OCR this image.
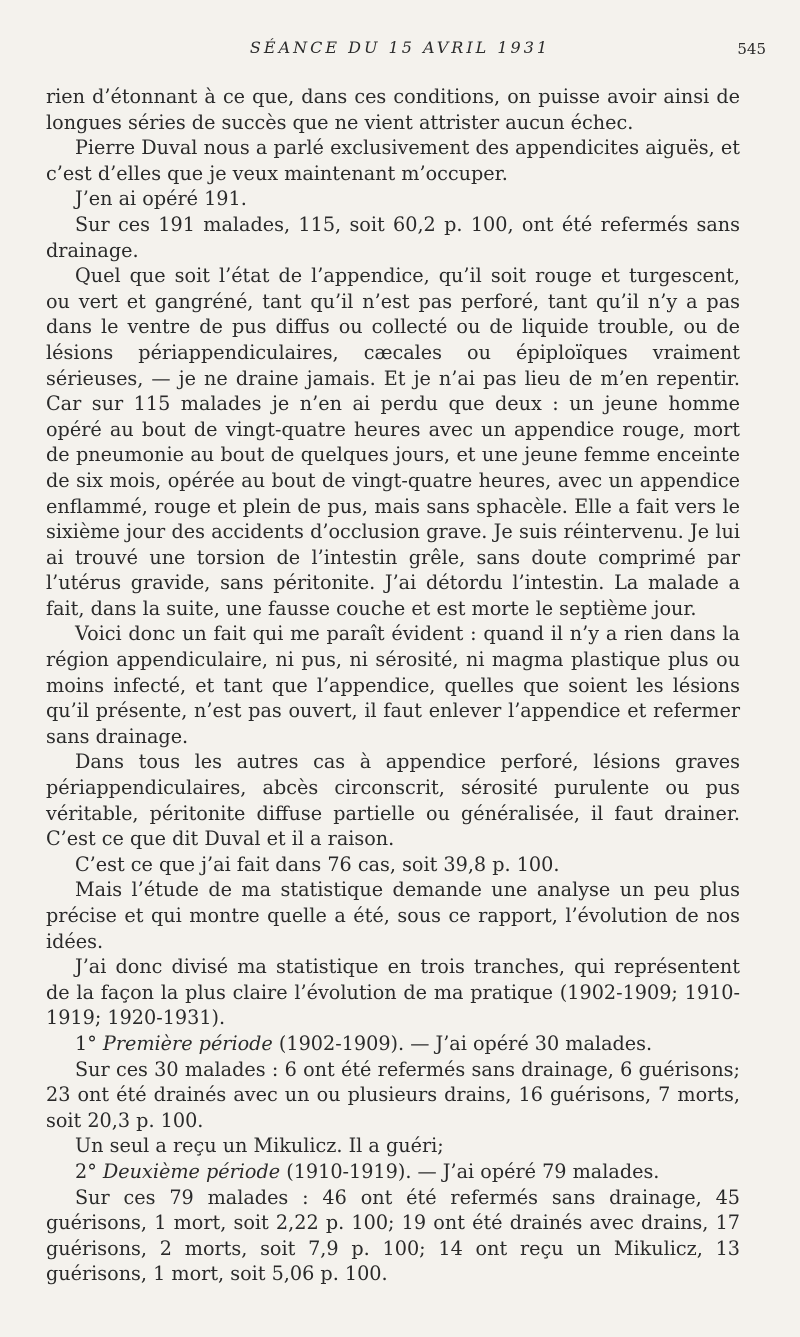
SÉANCE DU 15 AVRIL 1931	545

rien d’étonnant à ce que, dans ces conditions, on puisse avoir ainsi de longues séries de succès que ne vient attrister aucun échec.

Pierre Duval nous a parlé exclusivement des appendicites aiguës, et c’est d’elles que je veux maintenant m’occuper.

J’en ai opéré 191.

Sur ces 191 malades, 115, soit 60,2 p. 100, ont été refermés sans drainage.

Quel que soit l’état de l’appendice, qu’il soit rouge et turgescent, ou vert et gangréné, tant qu’il n’est pas perforé, tant qu’il n’y a pas dans le ventre de pus diffus ou collecté ou de liquide trouble, ou de lésions périappendiculaires, cæcales ou épiploïques vraiment sérieuses, — je ne draine jamais. Et je n’ai pas lieu de m’en repentir. Car sur 115 malades je n’en ai perdu que deux : un jeune homme opéré au bout de vingt-quatre heures avec un appendice rouge, mort de pneumonie au bout de quelques jours, et une jeune femme enceinte de six mois, opérée au bout de vingt-quatre heures, avec un appendice enflammé, rouge et plein de pus, mais sans sphacèle. Elle a fait vers le sixième jour des accidents d’occlusion grave. Je suis réintervenu. Je lui ai trouvé une torsion de l’intestin grêle, sans doute comprimé par l’utérus gravide, sans péritonite. J’ai détordu l’intestin. La malade a fait, dans la suite, une fausse couche et est morte le septième jour.

Voici donc un fait qui me paraît évident : quand il n’y a rien dans la région appendiculaire, ni pus, ni sérosité, ni magma plastique plus ou moins infecté, et tant que l’appendice, quelles que soient les lésions qu’il présente, n’est pas ouvert, il faut enlever l’appendice et refermer sans drainage.

Dans tous les autres cas à appendice perforé, lésions graves périappendiculaires, abcès circonscrit, sérosité purulente ou pus véritable, péritonite diffuse partielle ou généralisée, il faut drainer. C’est ce que dit Duval et il a raison.

C’est ce que j’ai fait dans 76 cas, soit 39,8 p. 100.

Mais l’étude de ma statistique demande une analyse un peu plus précise et qui montre quelle a été, sous ce rapport, l’évolution de nos idées.

J’ai donc divisé ma statistique en trois tranches, qui représentent de la façon la plus claire l’évolution de ma pratique (1902-1909; 1910-1919; 1920-1931).

1° Première période (1902-1909). — J’ai opéré 30 malades.

Sur ces 30 malades : 6 ont été refermés sans drainage, 6 guérisons; 23 ont été drainés avec un ou plusieurs drains, 16 guérisons, 7 morts, soit 20,3 p. 100.

Un seul a reçu un Mikulicz. Il a guéri;

2° Deuxième période (1910-1919). — J’ai opéré 79 malades.

Sur ces 79 malades : 46 ont été refermés sans drainage, 45 guérisons, 1 mort, soit 2,22 p. 100; 19 ont été drainés avec drains, 17 guérisons, 2 morts, soit 7,9 p. 100; 14 ont reçu un Mikulicz, 13 guérisons, 1 mort, soit 5,06 p. 100.
